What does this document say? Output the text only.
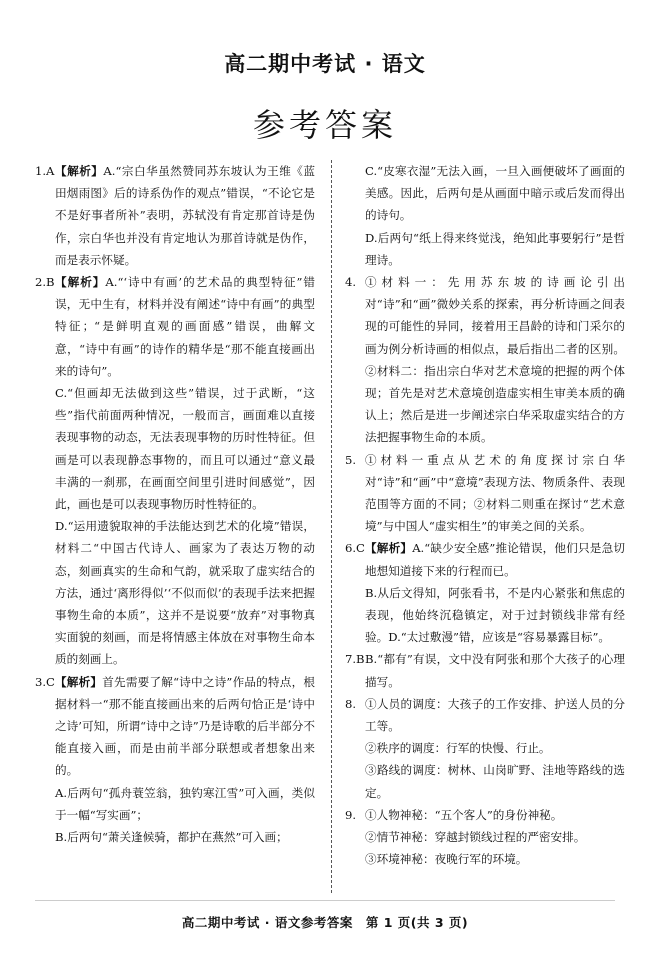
高二期中考试 · 语文
参考答案
1.A 【解析】A.“宗白华虽然赞同苏东坡认为王维《蓝田烟雨图》后的诗系伪作的观点”错误，“不论它是不是好事者所补”表明，苏轼没有肯定那首诗是伪作，宗白华也并没有肯定地认为那首诗就是伪作，而是表示怀疑。

2.B 【解析】A.“‘诗中有画’的艺术品的典型特征”错误，无中生有，材料并没有阐述“诗中有画”的典型特征；“是鲜明直观的画面感”错误，曲解文意，“诗中有画”的诗作的精华是“那不能直接画出来的诗句”。

C.“但画却无法做到这些”错误，过于武断，“这些”指代前面两种情况，一般而言，画面难以直接表现事物的动态，无法表现事物的历时性特征。但画是可以表现静态事物的，而且可以通过“意义最丰满的一刹那，在画面空间里引进时间感觉”，因此，画也是可以表现事物历时性特征的。

D.“运用遗貌取神的手法能达到艺术的化境”错误，材料二“中国古代诗人、画家为了表达万物的动态，刻画真实的生命和气韵，就采取了虚实结合的方法，通过‘离形得似’‘不似而似’的表现手法来把握事物生命的本质”，这并不是说要“放弃”对事物真实面貌的刻画，而是将情感主体放在对事物生命本质的刻画上。

3.C 【解析】首先需要了解“诗中之诗”作品的特点，根据材料一“那不能直接画出来的后两句恰正是‘诗中之诗’可知，所谓“诗中之诗”乃是诗歌的后半部分不能直接入画，而是由前半部分联想或者想象出来的。

A.后两句“孤舟蓑笠翁，独钓寒江雪”可入画，类似于一幅“写实画”；

B.后两句“萧关逢候骑，都护在燕然”可入画；

C.“皮寒衣湿”无法入画，一旦入画便破坏了画面的美感。因此，后两句是从画面中暗示或后发而得出的诗句。

D.后两句“纸上得来终觉浅，绝知此事要躬行”是哲理诗。

4. ①材料一：先用苏东坡的诗画论引出对“诗”和“画”微妙关系的探索，再分析诗画之间表现的可能性的异同，接着用王昌龄的诗和门采尔的画为例分析诗画的相似点，最后指出二者的区别。②材料二：指出宗白华对艺术意境的把握的两个体现；首先是对艺术意境创造虚实相生审美本质的确认上；然后是进一步阐述宗白华采取虚实结合的方法把握事物生命的本质。

5. ①材料一重点从艺术的角度探讨宗白华对“诗”和“画”中“意境”表现方法、物质条件、表现范围等方面的不同；②材料二则重在探讨“艺术意境”与中国人“虚实相生”的审美之间的关系。

6.C 【解析】A.“缺少安全感”推论错误，他们只是急切地想知道接下来的行程而已。

B.从后文得知，阿张看书，不是内心紧张和焦虑的表现，他始终沉稳镇定，对于过封锁线非常有经验。D.“太过敷漫”错，应该是“容易暴露目标”。

7.B B.“都有”有误，文中没有阿张和那个大孩子的心理描写。

8. ①人员的调度：大孩子的工作安排、护送人员的分工等。

②秩序的调度：行军的快慢、行止。

③路线的调度：树林、山岗旷野、洼地等路线的选定。

9. ①人物神秘：“五个客人”的身份神秘。

②情节神秘：穿越封锁线过程的严密安排。

③环境神秘：夜晚行军的环境。

高二期中考试 · 语文参考答案　第 1 页(共 3 页)
